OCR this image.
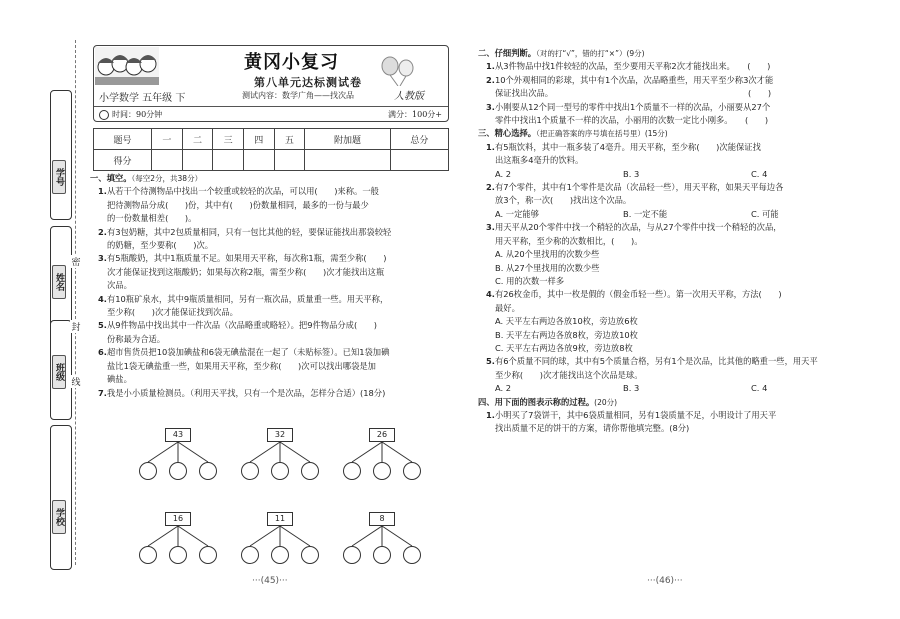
学号
姓名
班级
学校
密
封
线
黄冈小复习
第八单元达标测试卷
小学数学 五年级 下	测试内容：数学广角——找次品	人教版
时间：90分钟	满分：100分+
题号	一	二	三	四	五	附加题	总分
得分							
一、填空。（每空2分，共38分）
1.从若干个待测物品中找出一个较重或较轻的次品，可以用(　　)来称。一般
把待测物品分成(　　)份，其中有(　　)份数量相同，最多的一份与最少
的一份数量相差(　　)。
2.有3包奶糖，其中2包质量相同，只有一包比其他的轻，要保证能找出那袋较轻
的奶糖，至少要称(　　)次。
3.有5瓶酸奶，其中1瓶质量不足。如果用天平称，每次称1瓶，需至少称(　　)
次才能保证找到这瓶酸奶；如果每次称2瓶，需至少称(　　)次才能找出这瓶
次品。
4.有10瓶矿泉水，其中9瓶质量相同，另有一瓶次品，质量重一些。用天平称，
至少称(　　)次才能保证找到次品。
5.从9件物品中找出其中一件次品（次品略重或略轻）。把9件物品分成(　　)
份称最为合适。
6.超市售货员把10袋加碘盐和6袋无碘盐混在一起了（未贴标签）。已知1袋加碘
盐比1袋无碘盐重一些，如果用天平称，至少称(　　)次可以找出哪袋是加
碘盐。
7.我是小小质量检测员。（利用天平找，只有一个是次品，怎样分合适）(18分)
43	32	26
16	11	8
···(45)···
二、仔细判断。（对的打“√”，错的打“×”）(9分)
1.从3件物品中找1件较轻的次品，至少要用天平称2次才能找出来。　　(　　)
2.10个外观相同的彩球，其中有1个次品，次品略重些，用天平至少称3次才能
保证找出次品。　　　　　　　　　　　　　　　　　　　　　　　　(　　)
3.小刚要从12个同一型号的零件中找出1个质量不一样的次品，小丽要从27个
零件中找出1个质量不一样的次品，小丽用的次数一定比小刚多。　　(　　)
三、精心选择。（把正确答案的序号填在括号里）(15分)
1.有5瓶饮料，其中一瓶多装了4毫升。用天平称，至少称(　　)次能保证找
出这瓶多4毫升的饮料。
A. 2	B. 3	C. 4
2.有7个零件，其中有1个零件是次品（次品轻一些），用天平称，如果天平每边各
放3个，称一次(　　)找出这个次品。
A. 一定能够	B. 一定不能	C. 可能
3.用天平从20个零件中找一个稍轻的次品，与从27个零件中找一个稍轻的次品，
用天平称，至少称的次数相比，(　　)。
A. 从20个里找用的次数少些
B. 从27个里找用的次数少些
C. 用的次数一样多
4.有26枚金币，其中一枚是假的（假金币轻一些）。第一次用天平称，方法(　　)
最好。
A. 天平左右两边各放10枚，旁边放6枚
B. 天平左右两边各放8枚，旁边放10枚
C. 天平左右两边各放9枚，旁边放8枚
5.有6个质量不同的球，其中有5个质量合格，另有1个是次品，比其他的略重一些，用天平
至少称(　　)次才能找出这个次品是球。
A. 2	B. 3	C. 4
四、用下面的图表示称的过程。(20分)
1.小明买了7袋饼干，其中6袋质量相同，另有1袋质量不足，小明设计了用天平
找出质量不足的饼干的方案，请你帮他填完整。(8分)
···(46)···
